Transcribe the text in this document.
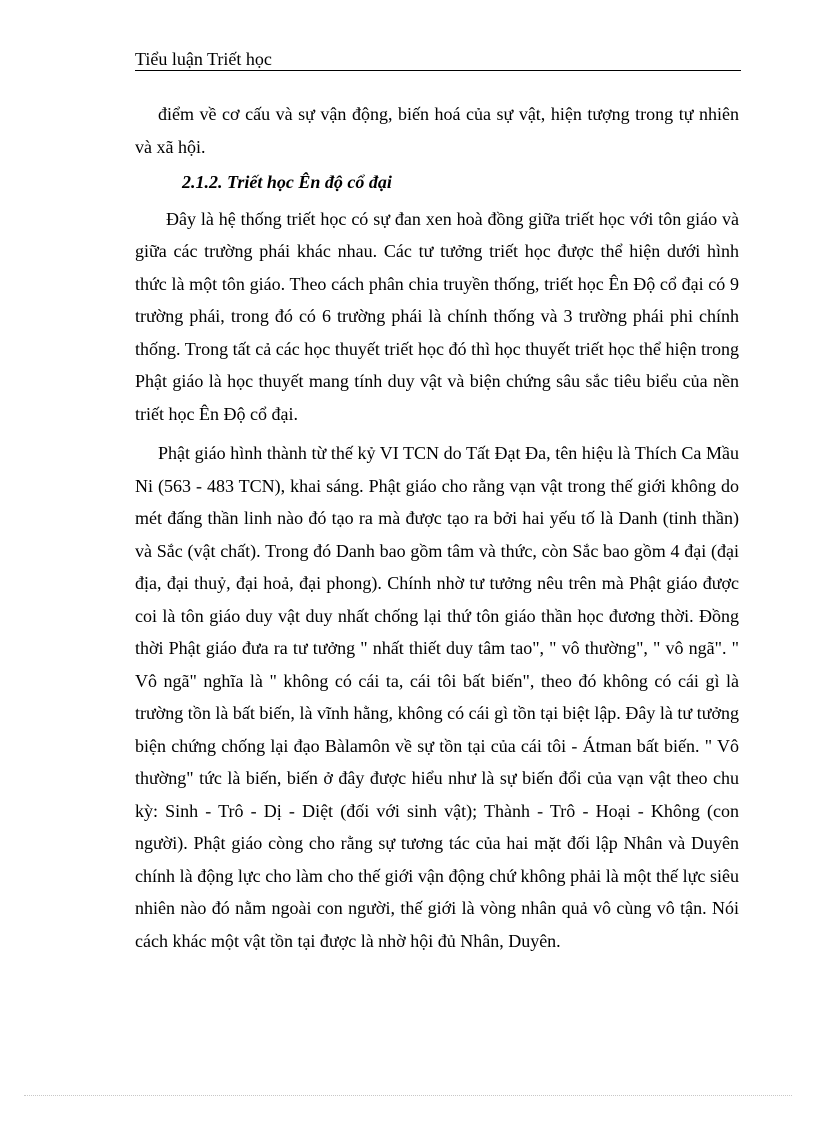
Tiểu luận Triết học

điểm về cơ cấu và sự vận động, biến hoá của sự vật, hiện tượng trong tự nhiên và xã hội.

2.1.2. Triết học Ên độ cổ đại

Đây là hệ thống triết học có sự đan xen hoà đồng giữa triết học với tôn giáo và giữa các trường phái khác nhau. Các tư tưởng triết học được thể hiện dưới hình thức là một tôn giáo. Theo cách phân chia truyền thống, triết học Ên Độ cổ đại có 9 trường phái, trong đó có 6 trường phái là chính thống và 3 trường phái phi chính thống. Trong tất cả các học thuyết triết học đó thì học thuyết triết học thể hiện trong Phật giáo là học thuyết mang tính duy vật và biện chứng sâu sắc tiêu biểu của nền triết học Ên Độ cổ đại.

Phật giáo hình thành từ thế kỷ VI TCN do Tất Đạt Đa, tên hiệu là Thích Ca Mầu Ni (563 - 483 TCN), khai sáng. Phật giáo cho rằng vạn vật trong thế giới không do mét đấng thần linh nào đó tạo ra mà được tạo ra bởi hai yếu tố là Danh (tinh thần) và Sắc (vật chất). Trong đó Danh bao gồm tâm và thức, còn Sắc bao gồm 4 đại (đại địa, đại thuỷ, đại hoả, đại phong). Chính nhờ tư tưởng nêu trên mà Phật giáo được coi là tôn giáo duy vật duy nhất chống lại thứ tôn giáo thần học đương thời. Đồng thời Phật giáo đưa ra tư tưởng " nhất thiết duy tâm tao", " vô thường", " vô ngã". " Vô ngã" nghĩa là " không có cái ta, cái tôi bất biến", theo đó không có cái gì là trường tồn là bất biến, là vĩnh hằng, không có cái gì tồn tại biệt lập. Đây là tư tưởng biện chứng chống lại đạo Bàlamôn về sự tồn tại của cái tôi - Átman bất biến. " Vô thường" tức là biến, biến ở đây được hiểu như là sự biến đổi của vạn vật theo chu kỳ: Sinh - Trô - Dị - Diệt (đối với sinh vật); Thành - Trô - Hoại - Không (con người). Phật giáo còng cho rằng sự tương tác của hai mặt đối lập Nhân và Duyên chính là động lực cho làm cho thế giới vận động chứ không phải là một thế lực siêu nhiên nào đó nằm ngoài con người, thế giới là vòng nhân quả vô cùng vô tận. Nói cách khác một vật tồn tại được là nhờ hội đủ Nhân, Duyên.
